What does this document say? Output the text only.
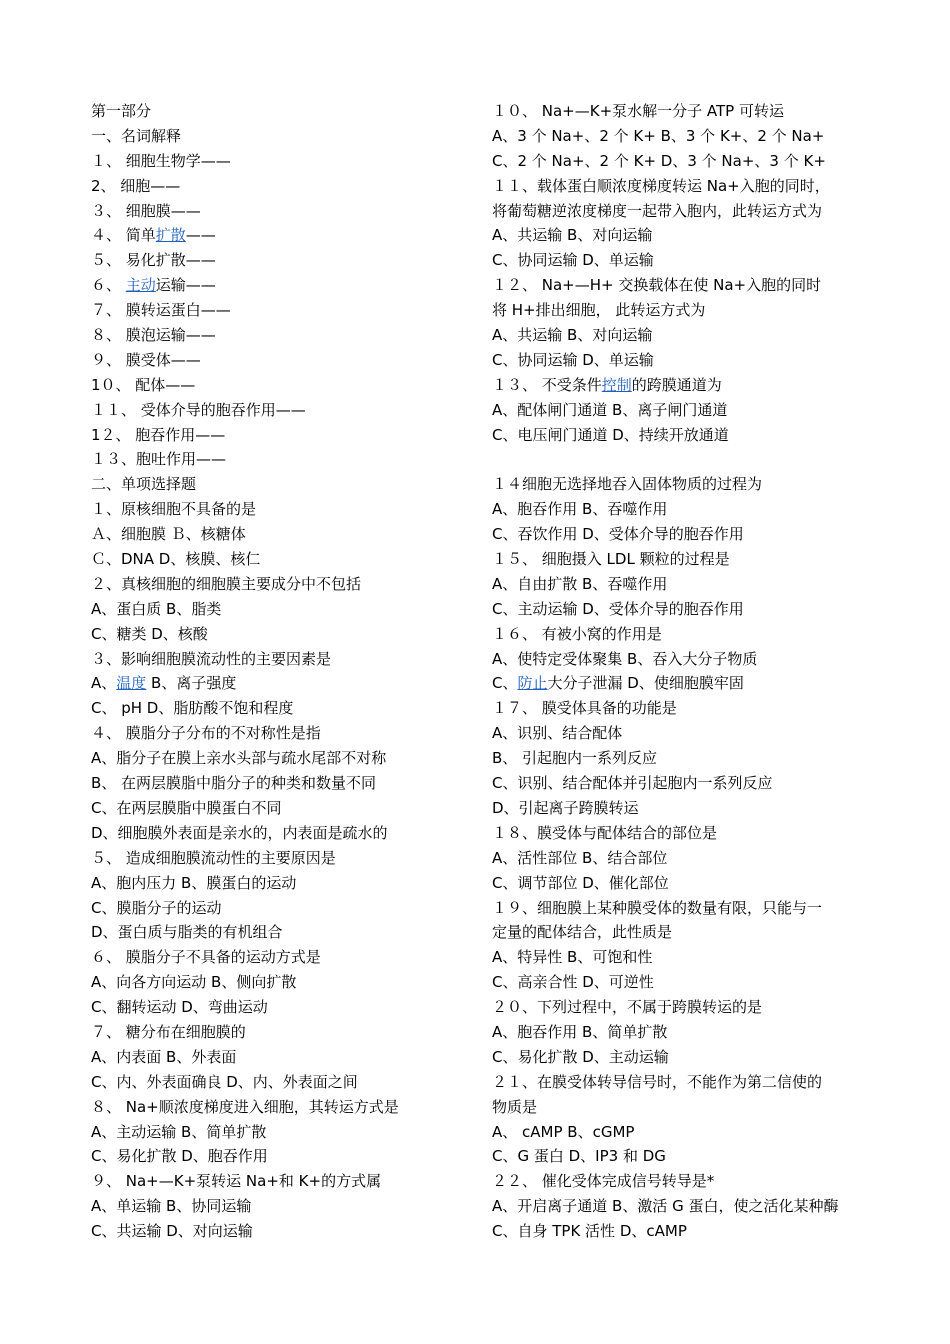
第一部分
一、名词解释
１、 细胞生物学——
2、 细胞——
３、 细胞膜——
４、 简单扩散——
５、 易化扩散——
６、 主动运输——
７、 膜转运蛋白——
８、 膜泡运输——
９、 膜受体——
1０、 配体——
１１、 受体介导的胞吞作用——
1２、 胞吞作用——
１３、胞吐作用——
二、单项选择题
１、原核细胞不具备的是
Ａ、细胞膜 Ｂ、核糖体
Ｃ、DNA D、核膜、核仁
２、真核细胞的细胞膜主要成分中不包括
A、蛋白质 B、脂类
C、糖类 D、核酸
３、影响细胞膜流动性的主要因素是
A、温度 B、离子强度
C、 pH D、脂肪酸不饱和程度
４、 膜脂分子分布的不对称性是指
A、脂分子在膜上亲水头部与疏水尾部不对称
B、 在两层膜脂中脂分子的种类和数量不同
C、在两层膜脂中膜蛋白不同
D、细胞膜外表面是亲水的，内表面是疏水的
５、 造成细胞膜流动性的主要原因是
A、胞内压力 B、膜蛋白的运动
C、膜脂分子的运动
D、蛋白质与脂类的有机组合
６、 膜脂分子不具备的运动方式是
A、向各方向运动 B、侧向扩散
C、翻转运动 D、弯曲运动
７、 糖分布在细胞膜的
A、内表面 B、外表面
C、内、外表面确良 D、内、外表面之间
８、 Na+顺浓度梯度进入细胞，其转运方式是
A、主动运输 B、简单扩散
C、易化扩散 D、胞吞作用
９、 Na+—K+泵转运 Na+和 K+的方式属
A、单运输 B、协同运输
C、共运输 D、对向运输
１０、 Na+—K+泵水解一分子 ATP 可转运
A、3 个 Na+、2 个 K+ B、3 个 K+、2 个 Na+
C、2 个 Na+、2 个 K+ D、3 个 Na+、3 个 K+
１１、载体蛋白顺浓度梯度转运 Na+入胞的同时，
将葡萄糖逆浓度梯度一起带入胞内，此转运方式为
A、共运输 B、对向运输
C、协同运输 D、单运输
１２、 Na+—H+ 交换载体在使 Na+入胞的同时
将 H+排出细胞， 此转运方式为
A、共运输 B、对向运输
C、协同运输 D、单运输
１３、 不受条件控制的跨膜通道为
A、配体闸门通道 B、离子闸门通道
C、电压闸门通道 D、持续开放通道
１４细胞无选择地吞入固体物质的过程为
A、胞吞作用 B、吞噬作用
C、吞饮作用 D、受体介导的胞吞作用
１５、 细胞摄入 LDL 颗粒的过程是
A、自由扩散 B、吞噬作用
C、主动运输 D、受体介导的胞吞作用
１６、 有被小窝的作用是
A、使特定受体聚集 B、吞入大分子物质
C、防止大分子泄漏 D、使细胞膜牢固
１７、 膜受体具备的功能是
A、识别、结合配体
B、 引起胞内一系列反应
C、识别、结合配体并引起胞内一系列反应
D、引起离子跨膜转运
１８、膜受体与配体结合的部位是
A、活性部位 B、结合部位
C、调节部位 D、催化部位
１９、细胞膜上某种膜受体的数量有限，只能与一
定量的配体结合，此性质是
A、特异性 B、可饱和性
C、高亲合性 D、可逆性
２０、下列过程中，不属于跨膜转运的是
A、胞吞作用 B、简单扩散
C、易化扩散 D、主动运输
２１、在膜受体转导信号时，不能作为第二信使的
物质是
A、 cAMP B、cGMP
C、G 蛋白 D、IP3 和 DG
２２、 催化受体完成信号转导是*
A、开启离子通道 B、激活 G 蛋白，使之活化某种酶
C、自身 TPK 活性 D、cAMP
